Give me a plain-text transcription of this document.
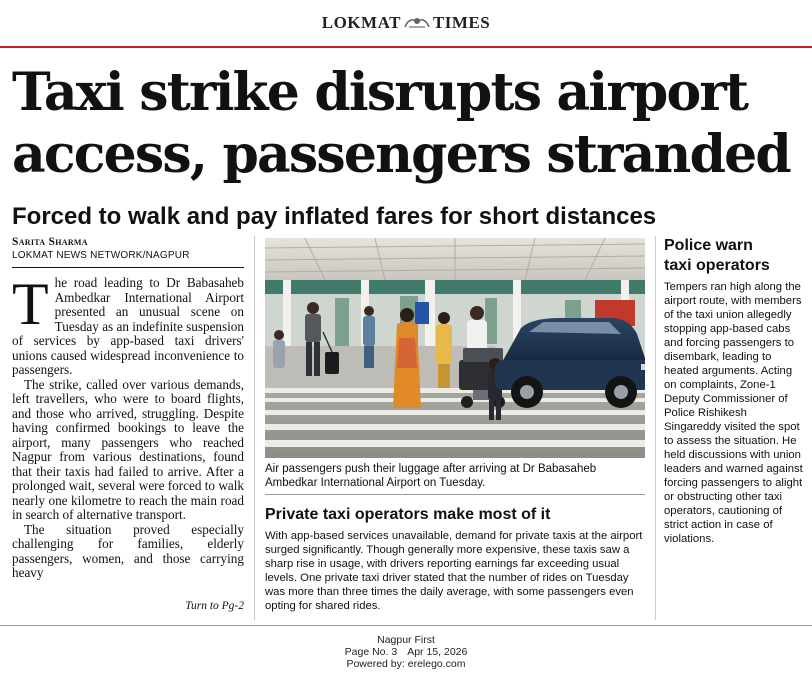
LOKMAT TIMES
Taxi strike disrupts airport
access, passengers stranded
Forced to walk and pay inflated fares for short distances
Sarita Sharma
LOKMAT NEWS NETWORK/NAGPUR

The road leading to Dr Babasaheb Ambedkar International Airport presented an unusual scene on Tuesday as an indefinite suspension of services by app-based taxi drivers' unions caused widespread inconvenience to passengers.

The strike, called over various demands, left travellers, who were to board flights, and those who arrived, struggling. Despite having confirmed bookings to leave the airport, many passengers who reached Nagpur from various destinations, found that their taxis had failed to arrive. After a prolonged wait, several were forced to walk nearly one kilometre to reach the main road in search of alternative transport.

The situation proved especially challenging for families, elderly passengers, women, and those carrying heavy

Turn to Pg-2
Air passengers push their luggage after arriving at Dr Babasaheb Ambedkar International Airport on Tuesday.
Private taxi operators make most of it

With app-based services unavailable, demand for private taxis at the airport surged significantly. Though generally more expensive, these taxis saw a sharp rise in usage, with drivers reporting earnings far exceeding usual levels. One private taxi driver stated that the number of rides on Tuesday was more than three times the daily average, with some passengers even opting for shared rides.

Police warn
taxi operators

Tempers ran high along the airport route, with members of the taxi union allegedly stopping app-based cabs and forcing passengers to disembark, leading to heated arguments. Acting on complaints, Zone-1 Deputy Commissioner of Police Rishikesh Singareddy visited the spot to assess the situation. He held discussions with union leaders and warned against forcing passengers to alight or obstructing other taxi operators, cautioning of strict action in case of violations.

Nagpur First
Page No. 3 Apr 15, 2026
Powered by: erelego.com
